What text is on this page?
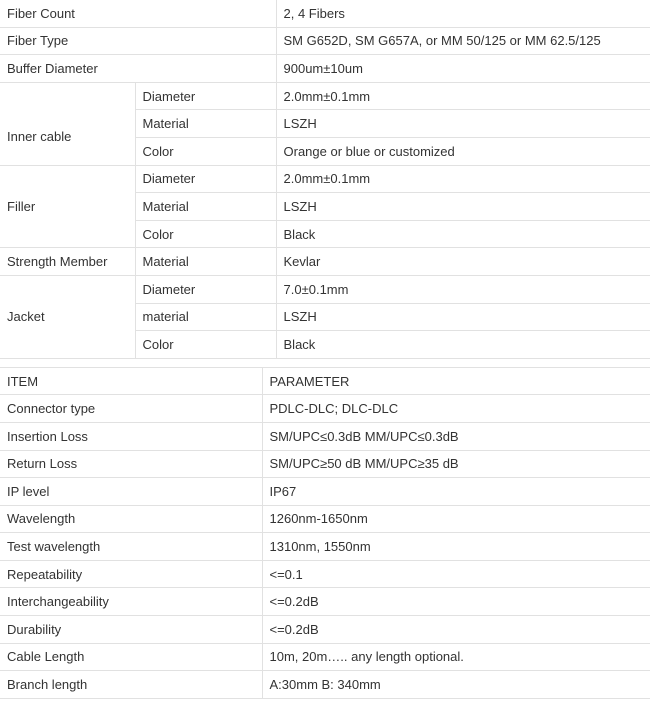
Fiber Count		2, 4 Fibers
Fiber Type		SM G652D, SM G657A, or MM 50/125 or MM 62.5/125
Buffer Diameter		900um±10um
Inner cable	Diameter	2.0mm±0.1mm
	Material	LSZH
	Color	Orange or blue or customized
Filler	Diameter	2.0mm±0.1mm
	Material	LSZH
	Color	Black
Strength Member	Material	Kevlar
Jacket	Diameter	7.0±0.1mm
	material	LSZH
	Color	Black
ITEM	PARAMETER
Connector type	PDLC-DLC; DLC-DLC
Insertion Loss	SM/UPC≤0.3dB MM/UPC≤0.3dB
Return Loss	SM/UPC≥50 dB MM/UPC≥35 dB
IP level	IP67
Wavelength	1260nm-1650nm
Test wavelength	1310nm, 1550nm
Repeatability	<=0.1
Interchangeability	<=0.2dB
Durability	<=0.2dB
Cable Length	10m, 20m….. any length optional.
Branch length	A:30mm B: 340mm
